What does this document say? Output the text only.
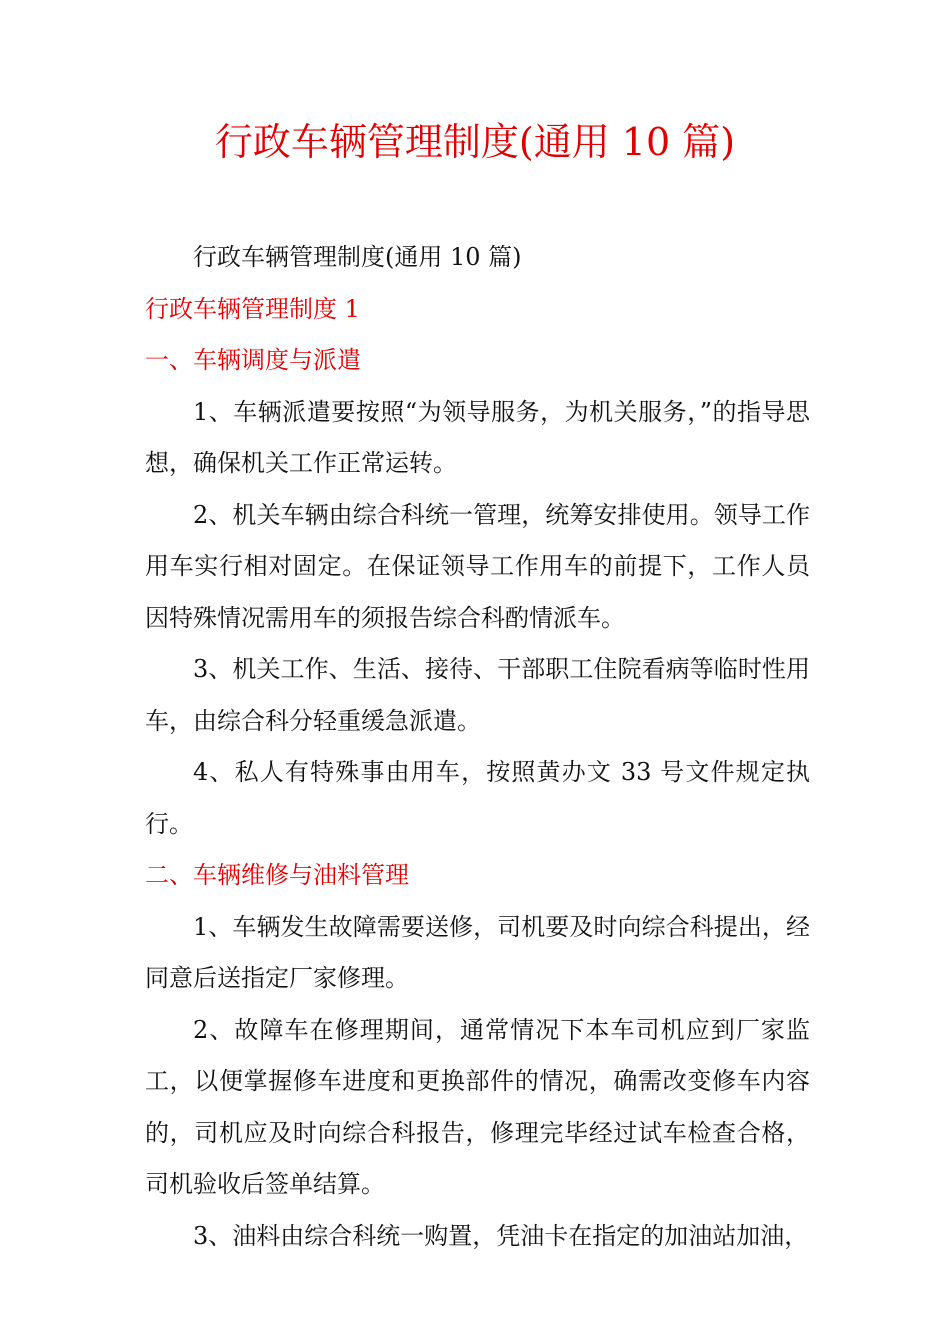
行政车辆管理制度(通用 10 篇)

行政车辆管理制度(通用 10 篇)

行政车辆管理制度 1

一、车辆调度与派遣

1、车辆派遣要按照“为领导服务，为机关服务，”的指导思想，确保机关工作正常运转。

2、机关车辆由综合科统一管理，统筹安排使用。领导工作用车实行相对固定。在保证领导工作用车的前提下，工作人员因特殊情况需用车的须报告综合科酌情派车。

3、机关工作、生活、接待、干部职工住院看病等临时性用车，由综合科分轻重缓急派遣。

4、私人有特殊事由用车，按照黄办文 33 号文件规定执行。

二、车辆维修与油料管理

1、车辆发生故障需要送修，司机要及时向综合科提出，经同意后送指定厂家修理。

2、故障车在修理期间，通常情况下本车司机应到厂家监工，以便掌握修车进度和更换部件的情况，确需改变修车内容的，司机应及时向综合科报告，修理完毕经过试车检查合格，司机验收后签单结算。

3、油料由综合科统一购置，凭油卡在指定的加油站加油，
